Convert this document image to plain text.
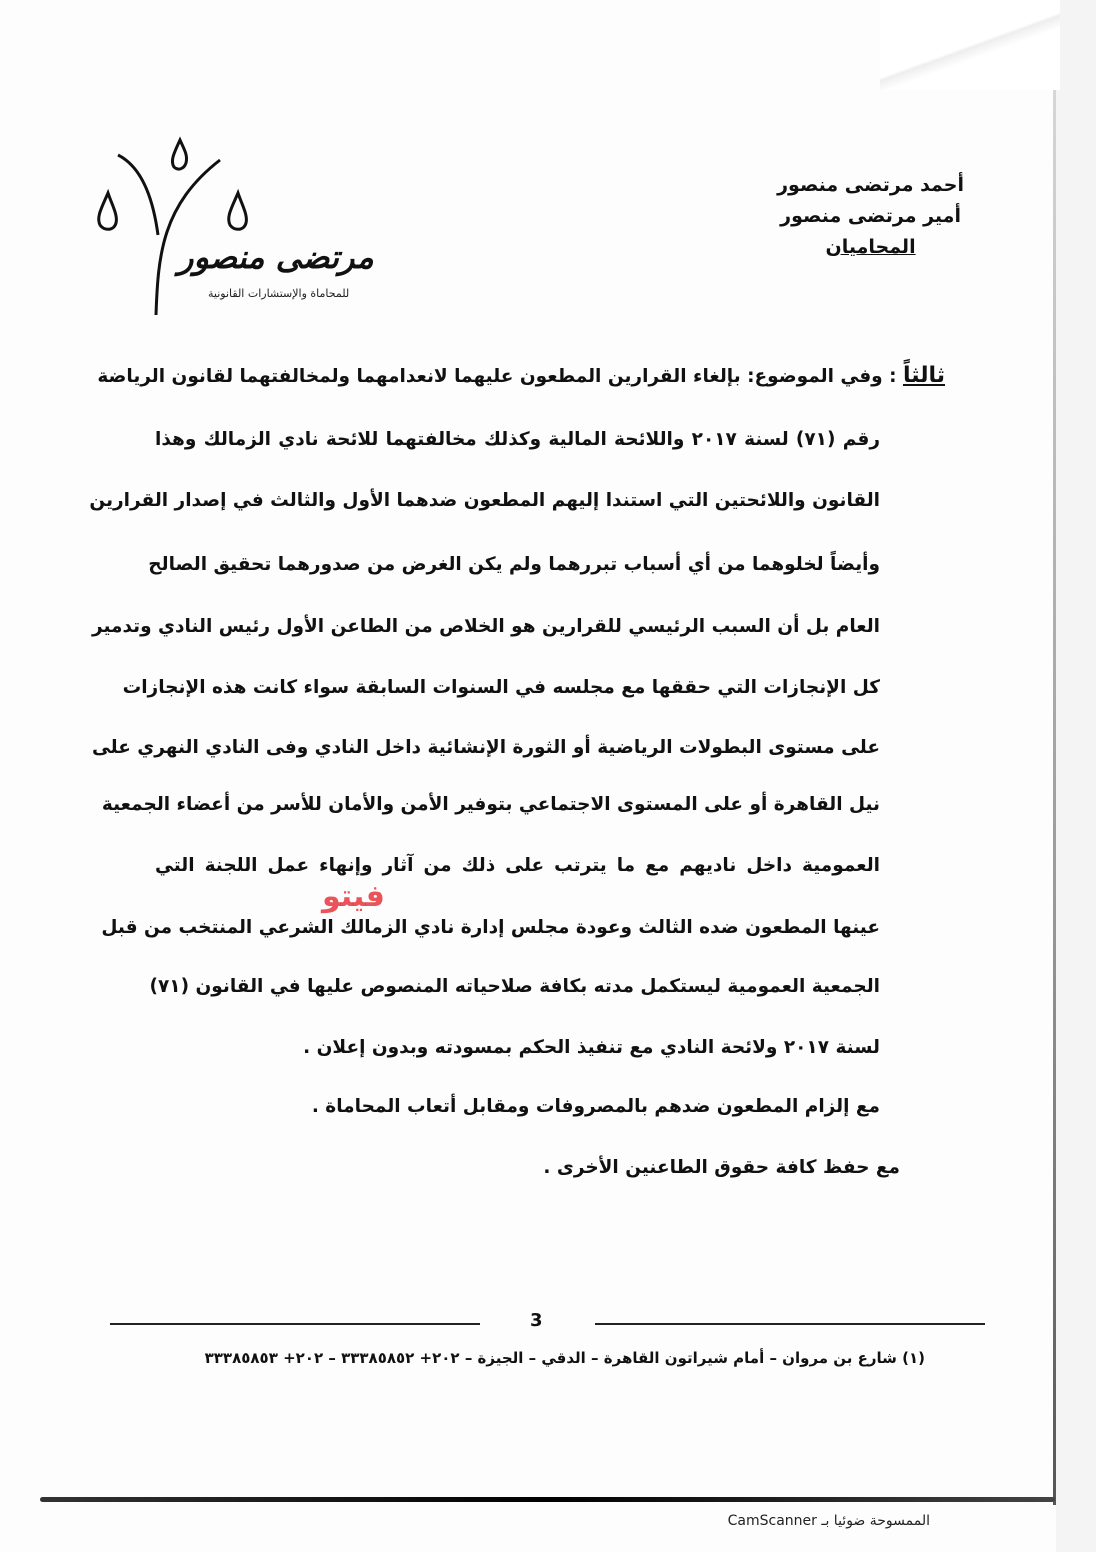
أحمد مرتضى منصور
أمير مرتضى منصور
المحاميان
مرتضى منصور
للمحاماة والإستشارات القانونية
ثالثاً : وفي الموضوع: بإلغاء القرارين المطعون عليهما لانعدامهما ولمخالفتهما لقانون الرياضة
رقم (٧١) لسنة ٢٠١٧ واللائحة المالية وكذلك مخالفتهما للائحة نادي الزمالك وهذا
القانون واللائحتين التي استندا إليهم المطعون ضدهما الأول والثالث في إصدار القرارين
وأيضاً لخلوهما من أي أسباب تبررهما ولم يكن الغرض من صدورهما تحقيق الصالح
العام بل أن السبب الرئيسي للقرارين هو الخلاص من الطاعن الأول رئيس النادي وتدمير
كل الإنجازات التي حققها مع مجلسه في السنوات السابقة سواء كانت هذه الإنجازات
على مستوى البطولات الرياضية أو الثورة الإنشائية داخل النادي وفى النادي النهري على
نيل القاهرة أو على المستوى الاجتماعي بتوفير الأمن والأمان للأسر من أعضاء الجمعية
العمومية داخل ناديهم مع ما يترتب على ذلك من آثار وإنهاء عمل اللجنة التي
عينها المطعون ضده الثالث وعودة مجلس إدارة نادي الزمالك الشرعي المنتخب من قبل
الجمعية العمومية ليستكمل مدته بكافة صلاحياته المنصوص عليها في القانون (٧١)
لسنة ٢٠١٧ ولائحة النادي مع تنفيذ الحكم بمسودته وبدون إعلان .
مع إلزام المطعون ضدهم بالمصروفات ومقابل أتعاب المحاماة .
مع حفظ كافة حقوق الطاعنين الأخرى .
فيتو
3
(١) شارع بن مروان – أمام شيراتون القاهرة – الدقي – الجيزة – ٢٠٢+ ٣٣٣٨٥٨٥٢ – ٢٠٢+ ٣٣٣٨٥٨٥٣
الممسوحة ضوئيا بـ CamScanner
